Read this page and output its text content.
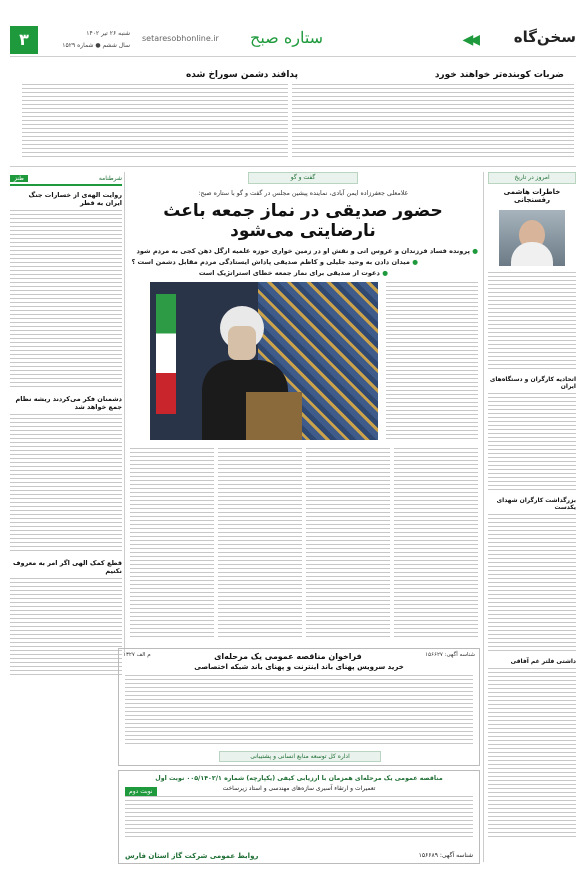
سخن‌گاه
◀◀
ستاره صبح
setaresobhonline.ir
شنبه ۲۶ تیر ۱۴۰۲
سال ششم ● شماره ۱۵۲۹
۳
ضربات کوبنده‌تر خواهند خورد
پدافند دشمن سوراخ شده
امروز در تاریخ
خاطرات هاشمی رفسنجانی
اتحادیه کارگران و دستگاه‌های ایران
بزرگداشت کارگران شهدای یکدست
داشتی فلتر غم آفاقی
گفت و گو
غلامعلی جعفرزاده ایمن آبادی، نماینده پیشین مجلس در گفت و گو با ستاره صبح:
حضور صدیقی در نماز جمعه باعث نارضایتی می‌شود
● پرونده فساد فرزندان و عروس اتی و نقش او در زمین خواری حوزه علمیه ازگل ذهن کجی به مردم شود
● میدان دادن به وحید جلیلی و کاظم صدیقی پاداش ایستادگی مردم مقابل دشمن است ؟
● دعوت از صدیقی برای نماز جمعه خطای استراتژیک است
شرطنامه
طنز
روایت الهه‌ی از خسارات جنگ ایران به قطر
دشمنان فکر می‌کردند ریشه نظام جمع خواهد شد
قطع کمک الهی اگر امر به معروف نکنیم
شناسه آگهی: ۱۵۶۶۲۷
فراخوان مناقصه عمومی یک مرحله‌ای
م الف ۱۳۲۷
خرید سرویس پهنای باند اینترنت و پهنای باند شبکه اختصاصی
اداره کل توسعه منابع انسانی و پشتیبانی
مناقصه عمومی یک مرحله‌ای همزمان با ارزیابی کیفی (یکپارچه) شماره ۰۰۵/۱۴۰۲/۱ نوبت اول
تعمیرات و ارتقاء آسیری سازه‌های مهندسی و استاد زیرساخت
نوبت دوم
شناسه آگهی: ۱۵۶۶۸۹
روابط عمومی شرکت گاز استان فارس
